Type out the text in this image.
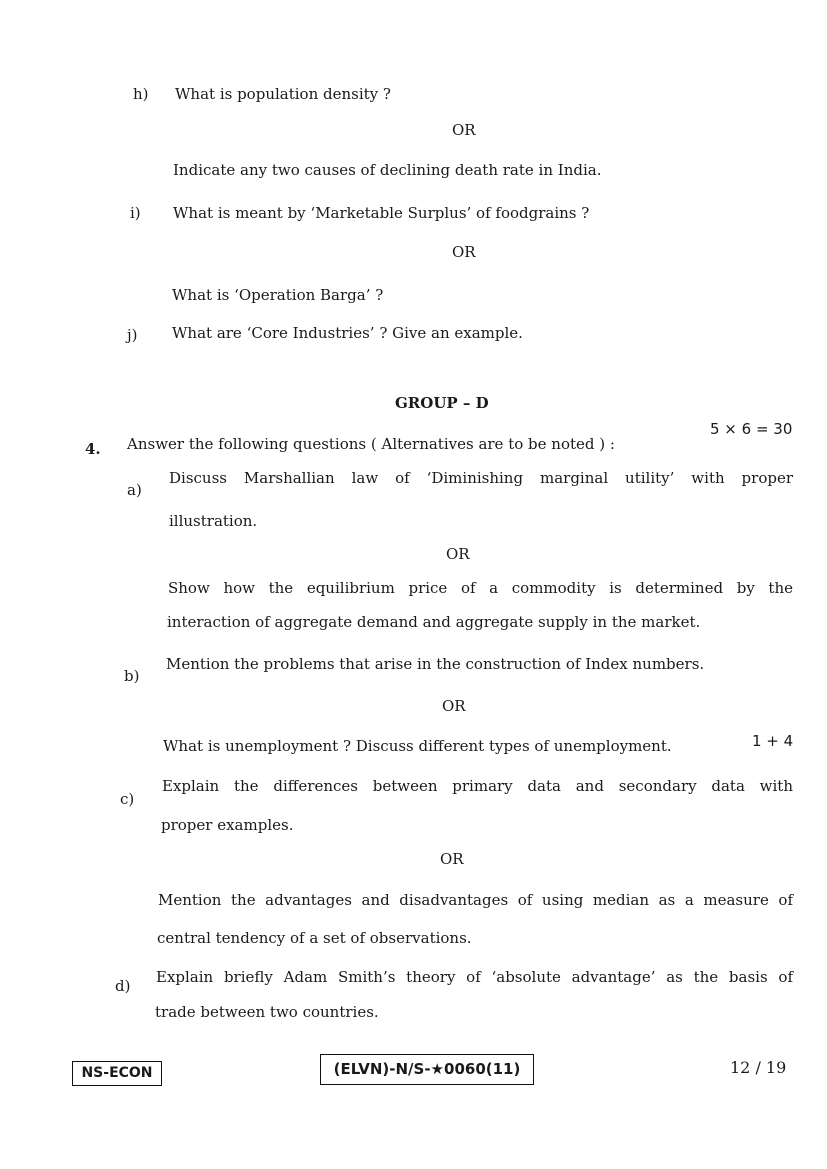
h) What is population density ?
OR
Indicate any two causes of declining death rate in India.
i) What is meant by ‘Marketable Surplus’ of foodgrains ?
OR
What is ‘Operation Barga’ ?
j) What are ‘Core Industries’ ? Give an example.
GROUP – D
4. Answer the following questions ( Alternatives are to be noted ) :
5 × 6 = 30
a)
Discuss Marshallian law of ‘Diminishing marginal utility’ with proper
illustration.
OR
Show how the equilibrium price of a commodity is determined by the
interaction of aggregate demand and aggregate supply in the market.
b)
Mention the problems that arise in the construction of Index numbers.
OR
What is unemployment ? Discuss different types of unemployment.	1 + 4
c)
Explain the differences between primary data and secondary data with
proper examples.
OR
Mention the advantages and disadvantages of using median as a measure of
central tendency of a set of observations.
d) Explain briefly Adam Smith’s theory of ‘absolute advantage’ as the basis of
trade between two countries.
NS-ECON	(ELVN)-N/S-★0060(11)	12 / 19
